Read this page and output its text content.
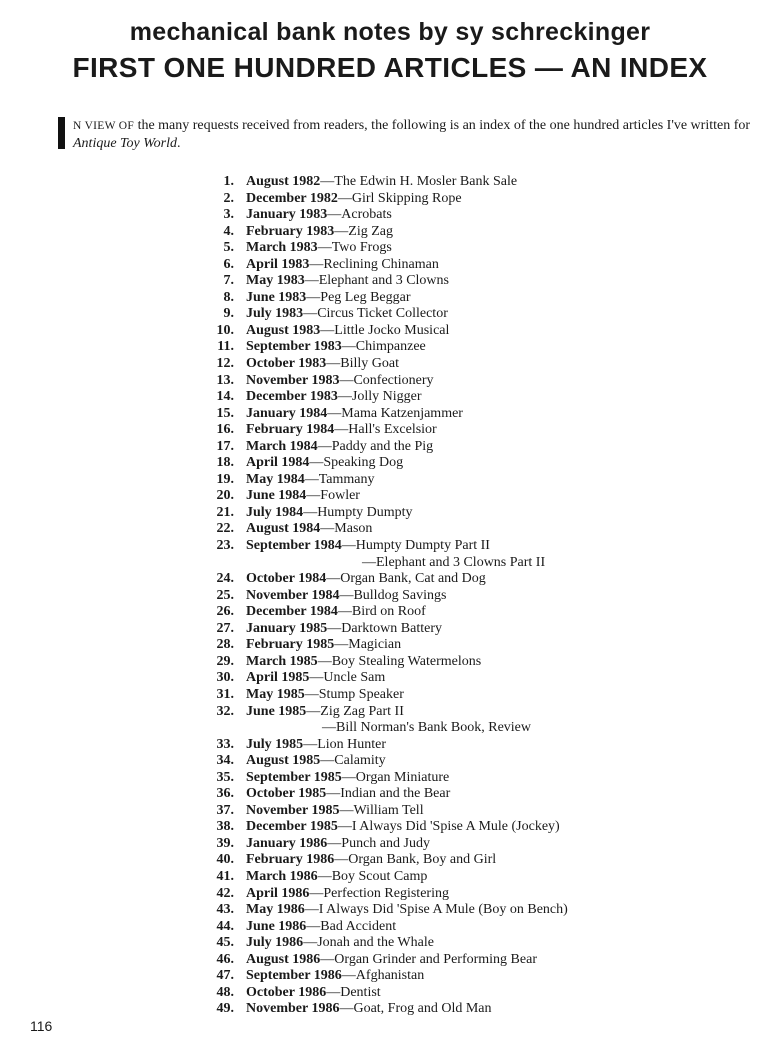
mechanical bank notes by sy schreckinger
FIRST ONE HUNDRED ARTICLES — AN INDEX
N VIEW OF the many requests received from readers, the following is an index of the one hundred articles I've written for Antique Toy World.
1. August 1982 —The Edwin H. Mosler Bank Sale
2. December 1982 —Girl Skipping Rope
3. January 1983 —Acrobats
4. February 1983 —Zig Zag
5. March 1983 —Two Frogs
6. April 1983 —Reclining Chinaman
7. May 1983 —Elephant and 3 Clowns
8. June 1983 —Peg Leg Beggar
9. July 1983 —Circus Ticket Collector
10. August 1983 —Little Jocko Musical
11. September 1983 —Chimpanzee
12. October 1983 —Billy Goat
13. November 1983 —Confectionery
14. December 1983 —Jolly Nigger
15. January 1984 —Mama Katzenjammer
16. February 1984 —Hall's Excelsior
17. March 1984 —Paddy and the Pig
18. April 1984 —Speaking Dog
19. May 1984 —Tammany
20. June 1984 —Fowler
21. July 1984 —Humpty Dumpty
22. August 1984 —Mason
23. September 1984 —Humpty Dumpty Part II
—Elephant and 3 Clowns Part II
24. October 1984 —Organ Bank, Cat and Dog
25. November 1984 —Bulldog Savings
26. December 1984 —Bird on Roof
27. January 1985 —Darktown Battery
28. February 1985 —Magician
29. March 1985 —Boy Stealing Watermelons
30. April 1985 —Uncle Sam
31. May 1985 —Stump Speaker
32. June 1985 —Zig Zag Part II
—Bill Norman's Bank Book, Review
33. July 1985 —Lion Hunter
34. August 1985 —Calamity
35. September 1985 —Organ Miniature
36. October 1985 —Indian and the Bear
37. November 1985 —William Tell
38. December 1985 —I Always Did 'Spise A Mule (Jockey)
39. January 1986 —Punch and Judy
40. February 1986 —Organ Bank, Boy and Girl
41. March 1986 —Boy Scout Camp
42. April 1986 —Perfection Registering
43. May 1986 —I Always Did 'Spise A Mule (Boy on Bench)
44. June 1986 —Bad Accident
45. July 1986 —Jonah and the Whale
46. August 1986 —Organ Grinder and Performing Bear
47. September 1986 —Afghanistan
48. October 1986 —Dentist
49. November 1986 —Goat, Frog and Old Man
116
